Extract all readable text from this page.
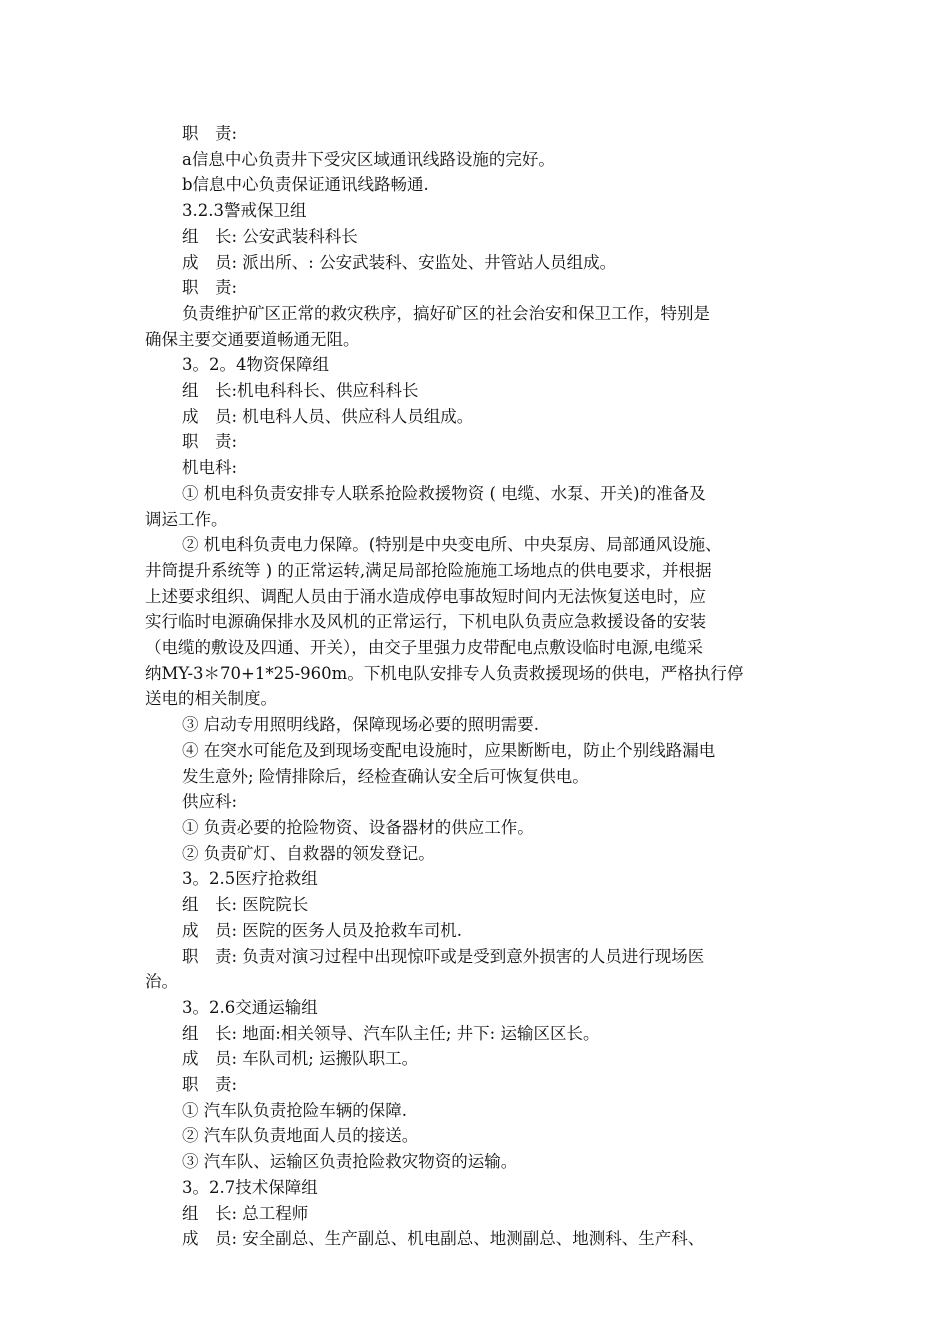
职　责:

a信息中心负责井下受灾区域通讯线路设施的完好。

b信息中心负责保证通讯线路畅通.

3.2.3警戒保卫组

组　长: 公安武装科科长

成　员: 派出所、: 公安武装科、安监处、井管站人员组成。

职　责:

负责维护矿区正常的救灾秩序，搞好矿区的社会治安和保卫工作，特别是

确保主要交通要道畅通无阻。

3。2。4物资保障组

组　长:机电科科长、供应科科长

成　员: 机电科人员、供应科人员组成。

职　责:

机电科:

① 机电科负责安排专人联系抢险救援物资 ( 电缆、水泵、开关)的准备及

调运工作。

② 机电科负责电力保障。(特别是中央变电所、中央泵房、局部通风设施、

井筒提升系统等 ) 的正常运转,满足局部抢险施施工场地点的供电要求，并根据

上述要求组织、调配人员由于涌水造成停电事故短时间内无法恢复送电时，应

实行临时电源确保排水及风机的正常运行，下机电队负责应急救援设备的安装

（电缆的敷设及四通、开关），由交子里强力皮带配电点敷设临时电源,电缆采

纳MY-3＊70+1*25-960m。下机电队安排专人负责救援现场的供电，严格执行停

送电的相关制度。

③ 启动专用照明线路，保障现场必要的照明需要.

④ 在突水可能危及到现场变配电设施时，应果断断电，防止个别线路漏电

发生意外; 险情排除后，经检查确认安全后可恢复供电。

供应科:

① 负责必要的抢险物资、设备器材的供应工作。

② 负责矿灯、自救器的领发登记。

3。2.5医疗抢救组

组　长: 医院院长

成　员: 医院的医务人员及抢救车司机.

职　责: 负责对演习过程中出现惊吓或是受到意外损害的人员进行现场医

治。

3。2.6交通运输组

组　长: 地面:相关领导、汽车队主任; 井下: 运输区区长。

成　员: 车队司机; 运搬队职工。

职　责:

① 汽车队负责抢险车辆的保障.

② 汽车队负责地面人员的接送。

③ 汽车队、运输区负责抢险救灾物资的运输。

3。2.7技术保障组

组　长: 总工程师

成　员: 安全副总、生产副总、机电副总、地测副总、地测科、生产科、
